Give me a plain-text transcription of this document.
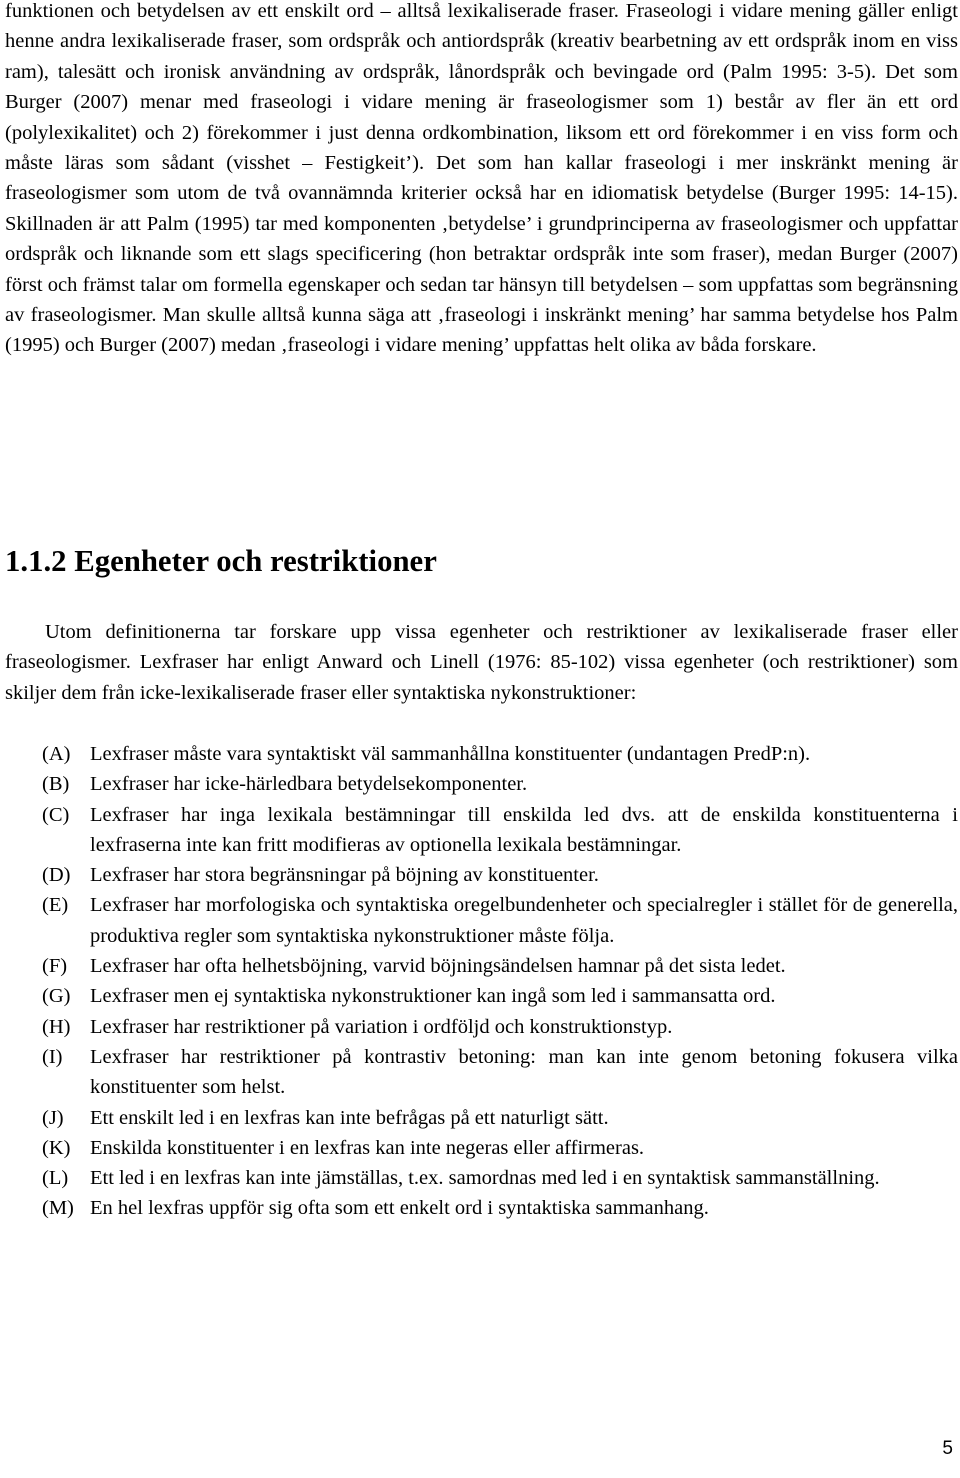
funktionen och betydelsen av ett enskilt ord – alltså lexikaliserade fraser. Fraseologi i vidare mening gäller enligt henne andra lexikaliserade fraser, som ordspråk och antiordspråk (kreativ bearbetning av ett ordspråk inom en viss ram), talesätt och ironisk användning av ordspråk, lånordspråk och bevingade ord (Palm 1995: 3-5). Det som Burger (2007) menar med fraseologi i vidare mening är fraseologismer som 1) består av fler än ett ord (polylexikalitet) och 2) förekommer i just denna ordkombination, liksom ett ord förekommer i en viss form och måste läras som sådant (visshet – Festigkeit’). Det som han kallar fraseologi i mer inskränkt mening är fraseologismer som utom de två ovannämnda kriterier också har en idiomatisk betydelse (Burger 1995: 14-15). Skillnaden är att Palm (1995) tar med komponenten ‚betydelse’ i grundprinciperna av fraseologismer och uppfattar ordspråk och liknande som ett slags specificering (hon betraktar ordspråk inte som fraser), medan Burger (2007) först och främst talar om formella egenskaper och sedan tar hänsyn till betydelsen – som uppfattas som begränsning av fraseologismer. Man skulle alltså kunna säga att ‚fraseologi i inskränkt mening’ har samma betydelse hos Palm (1995) och Burger (2007) medan ‚fraseologi i vidare mening’ uppfattas helt olika av båda forskare.

1.1.2 Egenheter och restriktioner

Utom definitionerna tar forskare upp vissa egenheter och restriktioner av lexikaliserade fraser eller fraseologismer. Lexfraser har enligt Anward och Linell (1976: 85-102) vissa egenheter (och restriktioner) som skiljer dem från icke-lexikaliserade fraser eller syntaktiska nykonstruktioner:

(A) Lexfraser måste vara syntaktiskt väl sammanhållna konstituenter (undantagen PredP:n).
(B)	Lexfraser har icke-härledbara betydelsekomponenter.
(C)	Lexfraser har inga lexikala bestämningar till enskilda led dvs. att de enskilda konstituenterna i lexfraserna inte kan fritt modifieras av optionella lexikala bestämningar.
(D) Lexfraser har stora begränsningar på böjning av konstituenter.
(E)	Lexfraser har morfologiska och syntaktiska oregelbundenheter och specialregler i stället för de generella, produktiva regler som syntaktiska nykonstruktioner måste följa.
(F)	Lexfraser har ofta helhetsböjning, varvid böjningsändelsen hamnar på det sista ledet.
(G) Lexfraser men ej syntaktiska nykonstruktioner kan ingå som led i sammansatta ord.
(H) Lexfraser har restriktioner på variation i ordföljd och konstruktionstyp.
(I)	Lexfraser har restriktioner på kontrastiv betoning: man kan inte genom betoning fokusera vilka konstituenter som helst.
(J)	Ett enskilt led i en lexfras kan inte befrågas på ett naturligt sätt.
(K) Enskilda konstituenter i en lexfras kan inte negeras eller affirmeras.
(L)	Ett led i en lexfras kan inte jämställas, t.ex. samordnas med led i en syntaktisk sammanställning.
(M) En hel lexfras uppför sig ofta som ett enkelt ord i syntaktiska sammanhang.
5
